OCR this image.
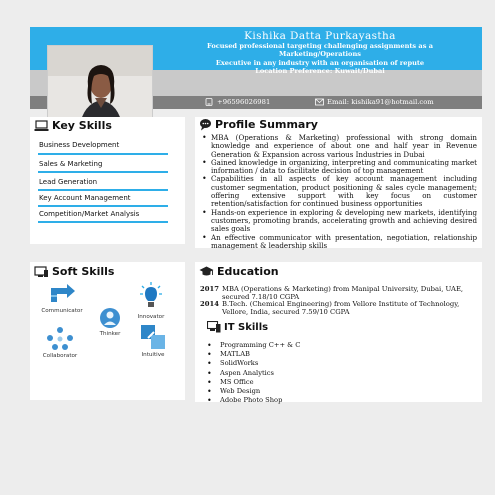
Kishika Datta Purkayastha
Focused professional targeting challenging assignments as a Marketing/Operations
Executive in any industry with an organisation of repute
Location Preference: Kuwait/Dubai
+96596026981	Email: kishika91@hotmail.com
Key Skills
Business Development
Sales & Marketing
Lead Generation
Key Account Management
Competition/Market Analysis
Profile Summary
• MBA (Operations & Marketing) professional with strong domain knowledge and experience of about one and half year in Revenue Generation & Expansion across various Industries in Dubai
• Gained knowledge in organizing, interpreting and communicating market information / data to facilitate decision of top management
• Capabilities in all aspects of key account management including customer segmentation, product positioning & sales cycle management; offering extensive support with key focus on customer retention/satisfaction for continued business opportunities
• Hands-on experience in exploring & developing new markets, identifying customers, promoting brands, accelerating growth and achieving desired sales goals
• An effective communicator with presentation, negotiation, relationship management & leadership skills
Soft Skills
Communicator
Innovator
Thinker
Collaborator	Intuitive
Education
2017 MBA (Operations & Marketing) from Manipal University, Dubai, UAE, secured 7.18/10 CGPA
2014 B.Tech. (Chemical Engineering) from Vellore Institute of Technology, Vellore, India, secured 7.59/10 CGPA
IT Skills
• Programming C++ & C
• MATLAB
• SolidWorks
• Aspen Analytics
• MS Office
• Web Design
• Adobe Photo Shop
